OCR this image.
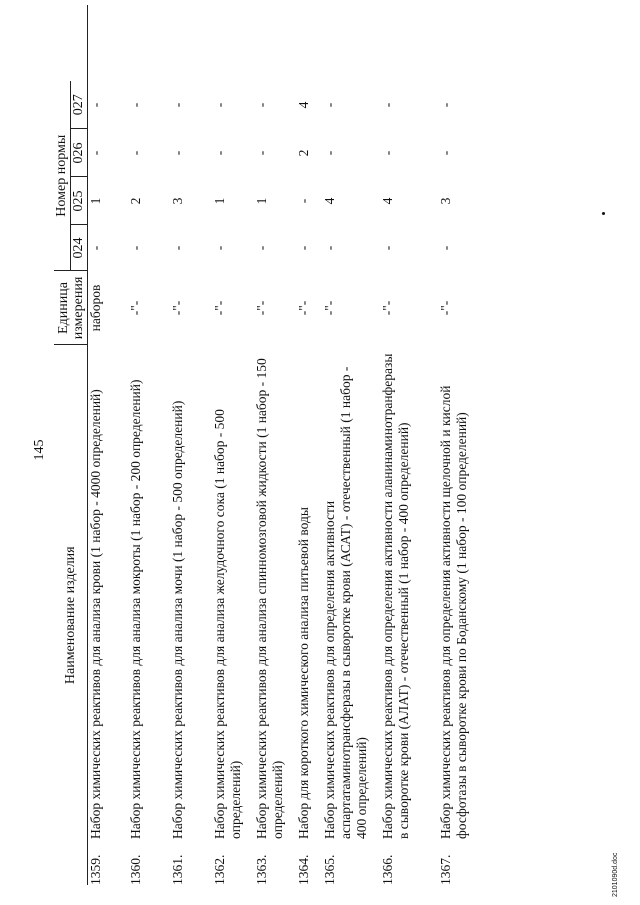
145
Наименование изделия		Единица измерения	Номер нормы				
			024	025	026	027	
1359.	Набор химических реактивов для анализа крови (1 набор - 4000 определений)	наборов	-	1	-	-	
1360.	Набор химических реактивов для анализа мокроты (1 набор - 200 определений)	-"-	-	2	-	-	
1361.	Набор химических реактивов для анализа мочи (1 набор - 500 определений)	-"-	-	3	-	-	
1362.	Набор химических реактивов для анализа желудочного сока (1 набор - 500 определений)	-"-	-	1	-	-	
1363.	Набор химических реактивов для анализа спинномозговой жидкости (1 набор - 150 определений)	-"-	-	1	-	-	
1364.	Набор для короткого химического анализа питьевой воды	-"-	-	-	2	4	
1365.	Набор химических реактивов для определения активности аспартатаминотрансферазы в сыворотке крови (АСАТ) - отечественный (1 набор - 400 определений)	-"-	-	4	-	-	
1366.	Набор химических реактивов для определения активности аланинаминотранферазы в сыворотке крови (АЛАТ) - отечественный (1 набор - 400 определений)	-"-	-	4	-	-	
1367.	Набор химических реактивов для определения активности щелочной и кислой фосфотазы в сыворотке крови по Боданскому (1 набор - 100 определений)	-"-	-	3	-	-	
2101090d.doc
